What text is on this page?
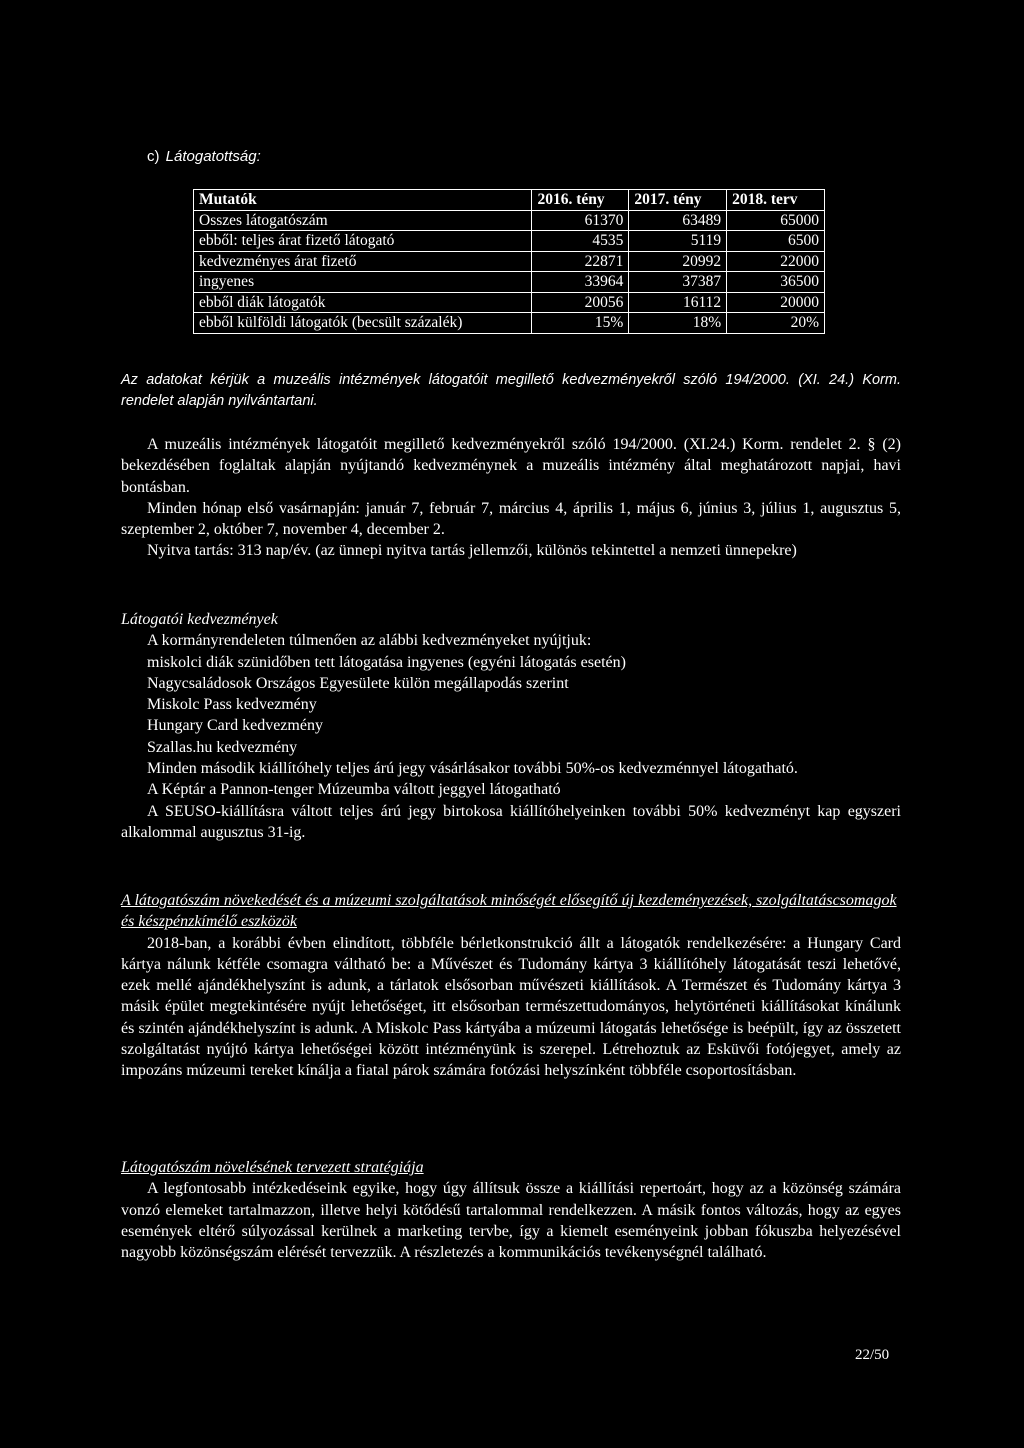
c) Látogatottság:
Mutatók	2016. tény	2017. tény	2018. terv
Osszes látogatószám	61370	63489	65000
ebből: teljes árat fizető látogató	4535	5119	6500
kedvezményes árat fizető	22871	20992	22000
ingyenes	33964	37387	36500
ebből diák látogatók	20056	16112	20000
ebből külföldi látogatók (becsült százalék)	15%	18%	20%
Az adatokat kérjük a muzeális intézmények látogatóit megillető kedvezményekről szóló 194/2000. (XI. 24.) Korm. rendelet alapján nyilvántartani.

A muzeális intézmények látogatóit megillető kedvezményekről szóló 194/2000. (XI.24.) Korm. rendelet 2. § (2) bekezdésében foglaltak alapján nyújtandó kedvezménynek a muzeális intézmény által meghatározott napjai, havi bontásban.

Minden hónap első vasárnapján: január 7, február 7, március 4, április 1, május 6, június 3, július 1, augusztus 5, szeptember 2, október 7, november 4, december 2.

Nyitva tartás: 313 nap/év. (az ünnepi nyitva tartás jellemzői, különös tekintettel a nemzeti ünnepekre)

Látogatói kedvezmények

A kormányrendeleten túlmenően az alábbi kedvezményeket nyújtjuk:

miskolci diák szünidőben tett látogatása ingyenes (egyéni látogatás esetén)

Nagycsaládosok Országos Egyesülete külön megállapodás szerint

Miskolc Pass kedvezmény

Hungary Card kedvezmény

Szallas.hu kedvezmény

Minden második kiállítóhely teljes árú jegy vásárlásakor további 50%-os kedvezménnyel látogatható.

A Képtár a Pannon-tenger Múzeumba váltott jeggyel látogatható

A SEUSO-kiállításra váltott teljes árú jegy birtokosa kiállítóhelyeinken további 50% kedvezményt kap egyszeri alkalommal augusztus 31-ig.

A látogatószám növekedését és a múzeumi szolgáltatások minőségét elősegítő új kezdeményezések, szolgáltatáscsomagok és készpénzkímélő eszközök

2018-ban, a korábbi évben elindított, többféle bérletkonstrukció állt a látogatók rendelkezésére: a Hungary Card kártya nálunk kétféle csomagra váltható be: a Művészet és Tudomány kártya 3 kiállítóhely látogatását teszi lehetővé, ezek mellé ajándékhelyszínt is adunk, a tárlatok elsősorban művészeti kiállítások. A Természet és Tudomány kártya 3 másik épület megtekintésére nyújt lehetőséget, itt elsősorban természettudományos, helytörténeti kiállításokat kínálunk és szintén ajándékhelyszínt is adunk. A Miskolc Pass kártyába a múzeumi látogatás lehetősége is beépült, így az összetett szolgáltatást nyújtó kártya lehetőségei között intézményünk is szerepel. Létrehoztuk az Esküvői fotójegyet, amely az impozáns múzeumi tereket kínálja a fiatal párok számára fotózási helyszínként többféle csoportosításban.

Látogatószám növelésének tervezett stratégiája

A legfontosabb intézkedéseink egyike, hogy úgy állítsuk össze a kiállítási repertoárt, hogy az a közönség számára vonzó elemeket tartalmazzon, illetve helyi kötődésű tartalommal rendelkezzen. A másik fontos változás, hogy az egyes események eltérő súlyozással kerülnek a marketing tervbe, így a kiemelt eseményeink jobban fókuszba helyezésével nagyobb közönségszám elérését tervezzük. A részletezés a kommunikációs tevékenységnél található.

22/50
